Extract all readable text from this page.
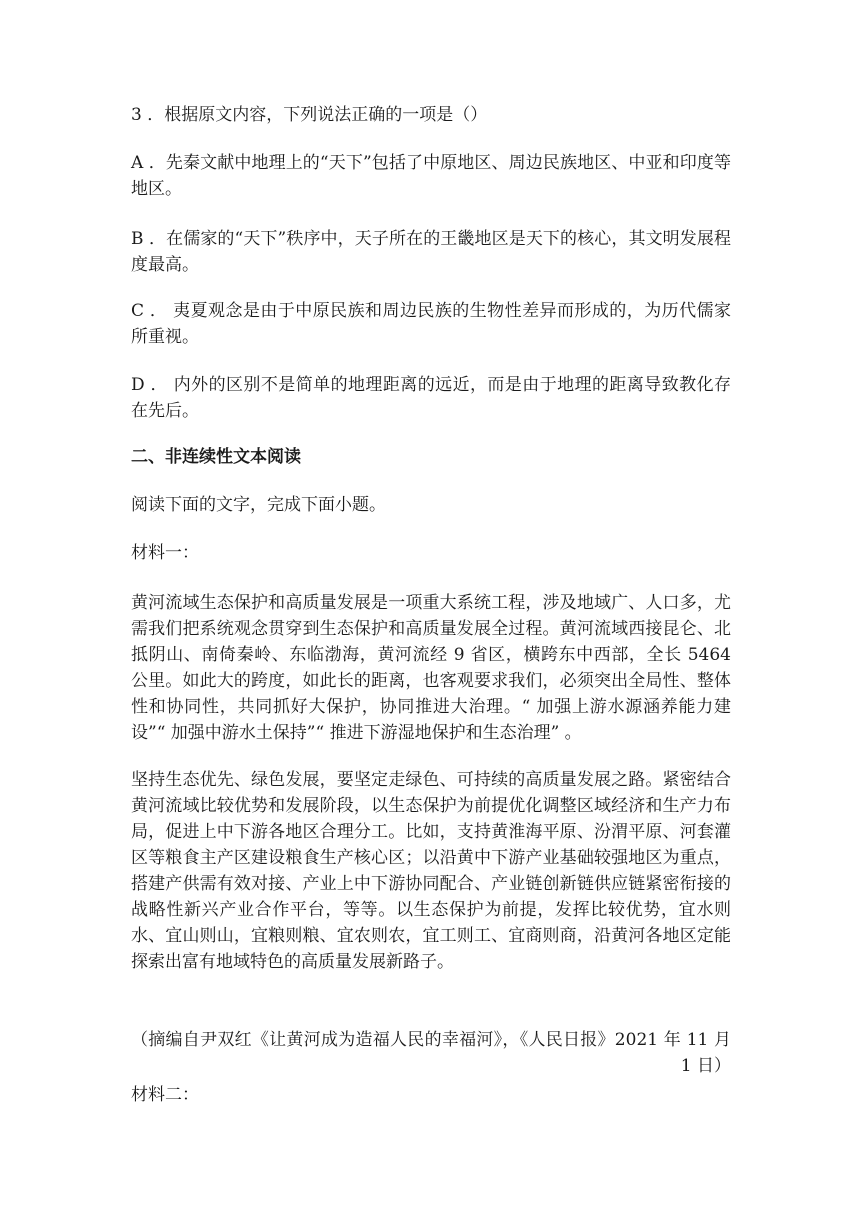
3 ．根据原文内容，下列说法正确的一项是（）

A ．先秦文献中地理上的“天下”包括了中原地区、周边民族地区、中亚和印度等地区。

B ．在儒家的“天下”秩序中，天子所在的王畿地区是天下的核心，其文明发展程度最高。

C ． 夷夏观念是由于中原民族和周边民族的生物性差异而形成的，为历代儒家所重视。

D ． 内外的区别不是简单的地理距离的远近，而是由于地理的距离导致教化存在先后。

二、非连续性文本阅读

阅读下面的文字，完成下面小题。

材料一：

黄河流域生态保护和高质量发展是一项重大系统工程，涉及地域广、人口多，尤需我们把系统观念贯穿到生态保护和高质量发展全过程。黄河流域西接昆仑、北抵阴山、南倚秦岭、东临渤海，黄河流经 9 省区，横跨东中西部，全长 5464 公里。如此大的跨度，如此长的距离，也客观要求我们，必须突出全局性、整体性和协同性，共同抓好大保护，协同推进大治理。“ 加强上游水源涵养能力建设”“ 加强中游水土保持”“ 推进下游湿地保护和生态治理” 。

坚持生态优先、绿色发展，要坚定走绿色、可持续的高质量发展之路。紧密结合黄河流域比较优势和发展阶段，以生态保护为前提优化调整区域经济和生产力布局，促进上中下游各地区合理分工。比如，支持黄淮海平原、汾渭平原、河套灌区等粮食主产区建设粮食生产核心区；以沿黄中下游产业基础较强地区为重点，搭建产供需有效对接、产业上中下游协同配合、产业链创新链供应链紧密衔接的战略性新兴产业合作平台，等等。以生态保护为前提，发挥比较优势，宜水则水、宜山则山，宜粮则粮、宜农则农，宜工则工、宜商则商，沿黄河各地区定能探索出富有地域特色的高质量发展新路子。

（摘编自尹双红《让黄河成为造福人民的幸福河》，《人民日报》2021 年 11 月 1 日）

材料二：
